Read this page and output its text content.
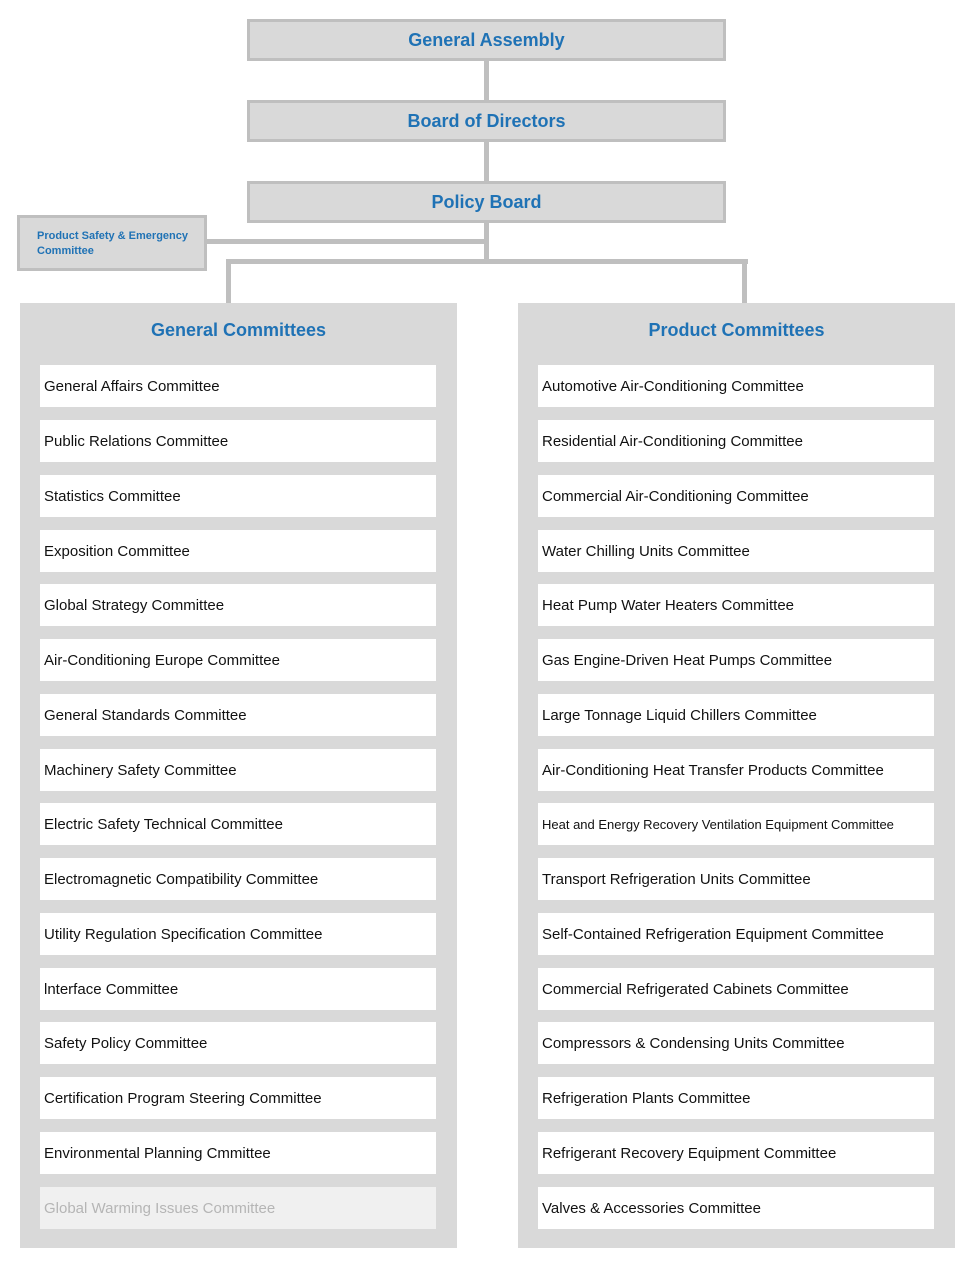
General Assembly
Board of Directors
Policy Board
Product Safety & Emergency Committee
General Committees
General Affairs Committee
Public Relations Committee
Statistics Committee
Exposition Committee
Global Strategy Committee
Air-Conditioning Europe Committee
General Standards Committee
Machinery Safety Committee
Electric Safety Technical Committee
Electromagnetic Compatibility Committee
Utility Regulation Specification Committee
lnterface Committee
Safety Policy Committee
Certification Program Steering Committee
Environmental Planning Cmmittee
Global Warming Issues Committee
Product Committees
Automotive Air-Conditioning Committee
Residential Air-Conditioning Committee
Commercial Air-Conditioning Committee
Water Chilling Units Committee
Heat Pump Water Heaters Committee
Gas Engine-Driven Heat Pumps Committee
Large Tonnage Liquid Chillers Committee
Air-Conditioning Heat Transfer Products Committee
Heat and Energy Recovery Ventilation Equipment Committee
Transport Refrigeration Units Committee
Self-Contained Refrigeration Equipment Committee
Commercial Refrigerated Cabinets Committee
Compressors & Condensing Units Committee
Refrigeration Plants Committee
Refrigerant Recovery Equipment Committee
Valves & Accessories Committee
